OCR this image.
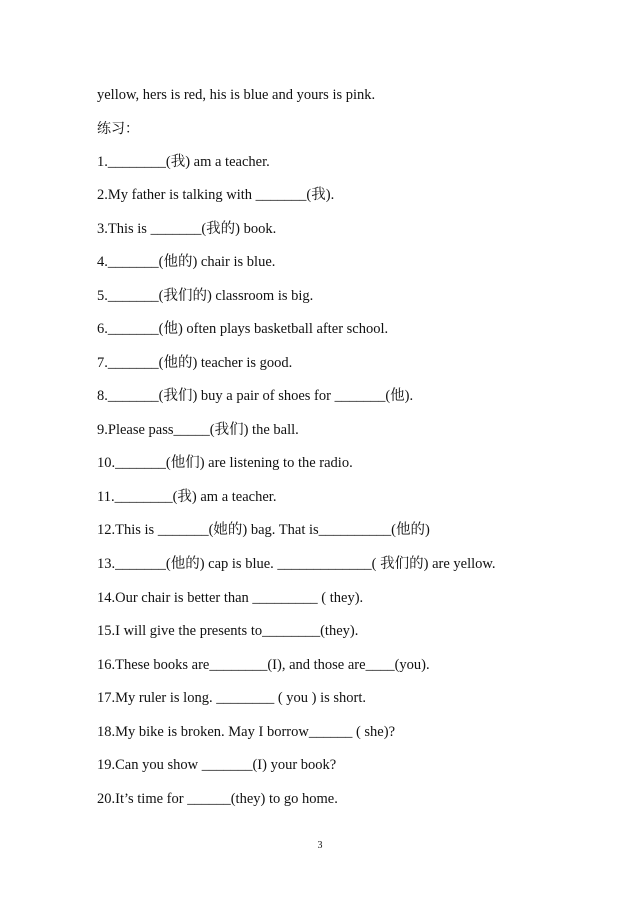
yellow, hers is red, his is blue and yours is pink.
练习：
1.________(我) am a teacher.
2.My father is talking with _______(我).
3.This is _______(我的) book.
4._______(他的) chair is blue.
5._______(我们的) classroom is big.
6._______(他) often plays basketball after school.
7._______(他的) teacher is good.
8._______(我们) buy a pair of shoes for _______(他).
9.Please pass_____(我们) the ball.
10._______(他们) are listening to the radio.
11.________(我) am a teacher.
12.This is _______(她的) bag. That is__________(他的)
13._______(他的) cap is blue. _____________( 我们的) are yellow.
14.Our chair is better than _________ ( they).
15.I will give the presents to________(they).
16.These books are________(I), and those are____(you).
17.My ruler is long. ________ ( you ) is short.
18.My bike is broken. May I borrow______ ( she)?
19.Can you show _______(I) your book?
20.It’s time for ______(they) to go home.
3
